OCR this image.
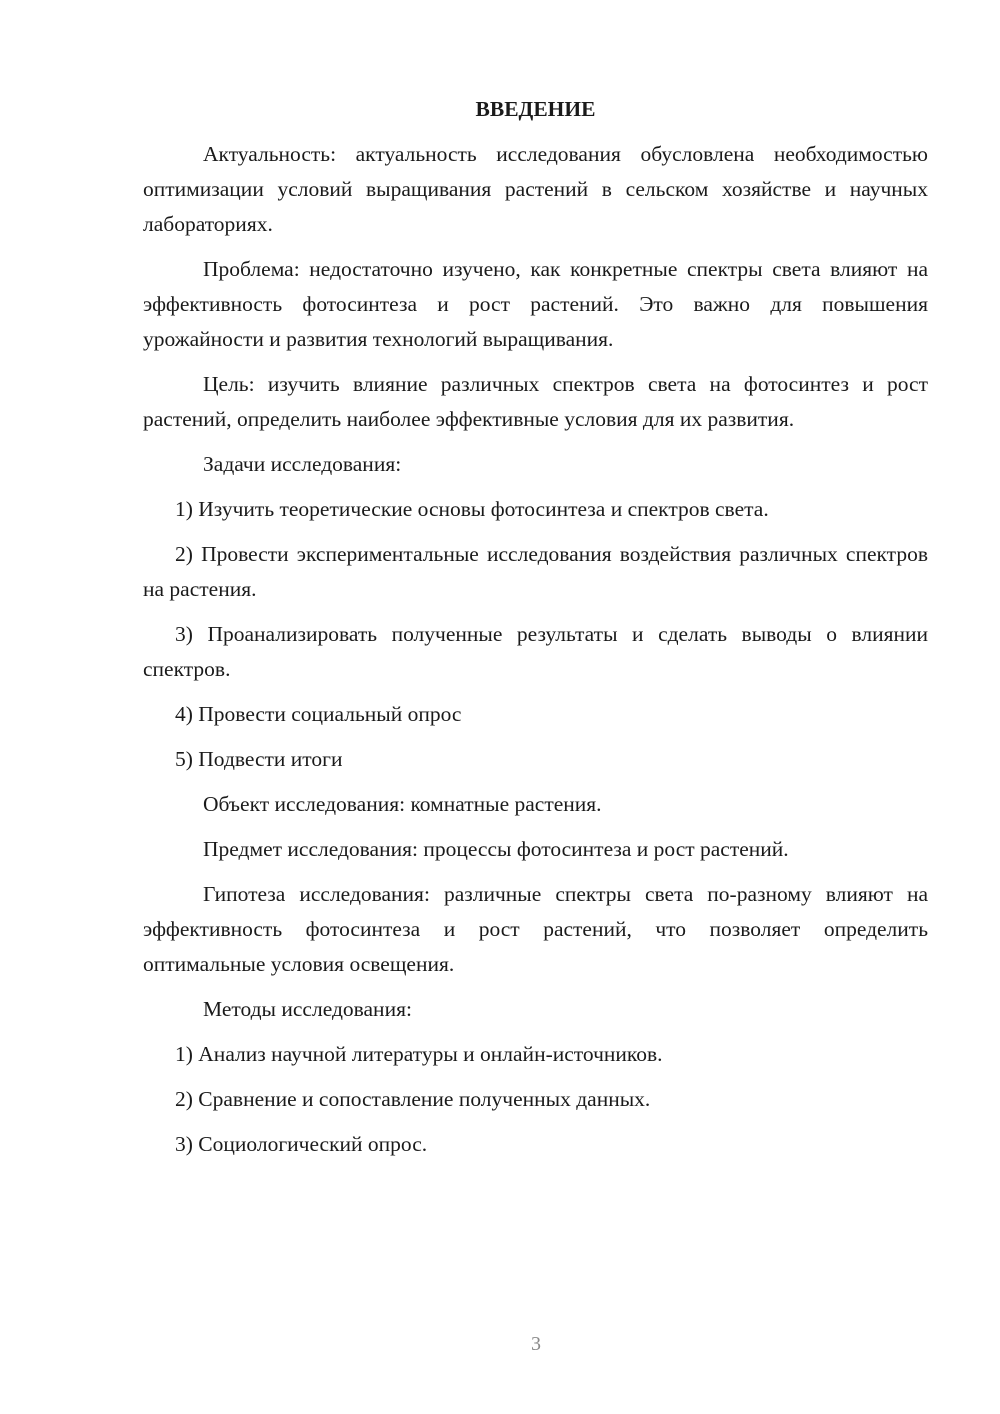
ВВЕДЕНИЕ

Актуальность: актуальность исследования обусловлена необходимостью оптимизации условий выращивания растений в сельском хозяйстве и научных лабораториях.

Проблема: недостаточно изучено, как конкретные спектры света влияют на эффективность фотосинтеза и рост растений. Это важно для повышения урожайности и развития технологий выращивания.

Цель: изучить влияние различных спектров света на фотосинтез и рост растений, определить наиболее эффективные условия для их развития.

Задачи исследования:

1) Изучить теоретические основы фотосинтеза и спектров света.

2) Провести экспериментальные исследования воздействия различных спектров на растения.

3) Проанализировать полученные результаты и сделать выводы о влиянии спектров.

4) Провести социальный опрос

5) Подвести итоги

Объект исследования: комнатные растения.

Предмет исследования: процессы фотосинтеза и рост растений.

Гипотеза исследования: различные спектры света по-разному влияют на эффективность фотосинтеза и рост растений, что позволяет определить оптимальные условия освещения.

Методы исследования:

1) Анализ научной литературы и онлайн-источников.

2) Сравнение и сопоставление полученных данных.

3) Социологический опрос.

3
